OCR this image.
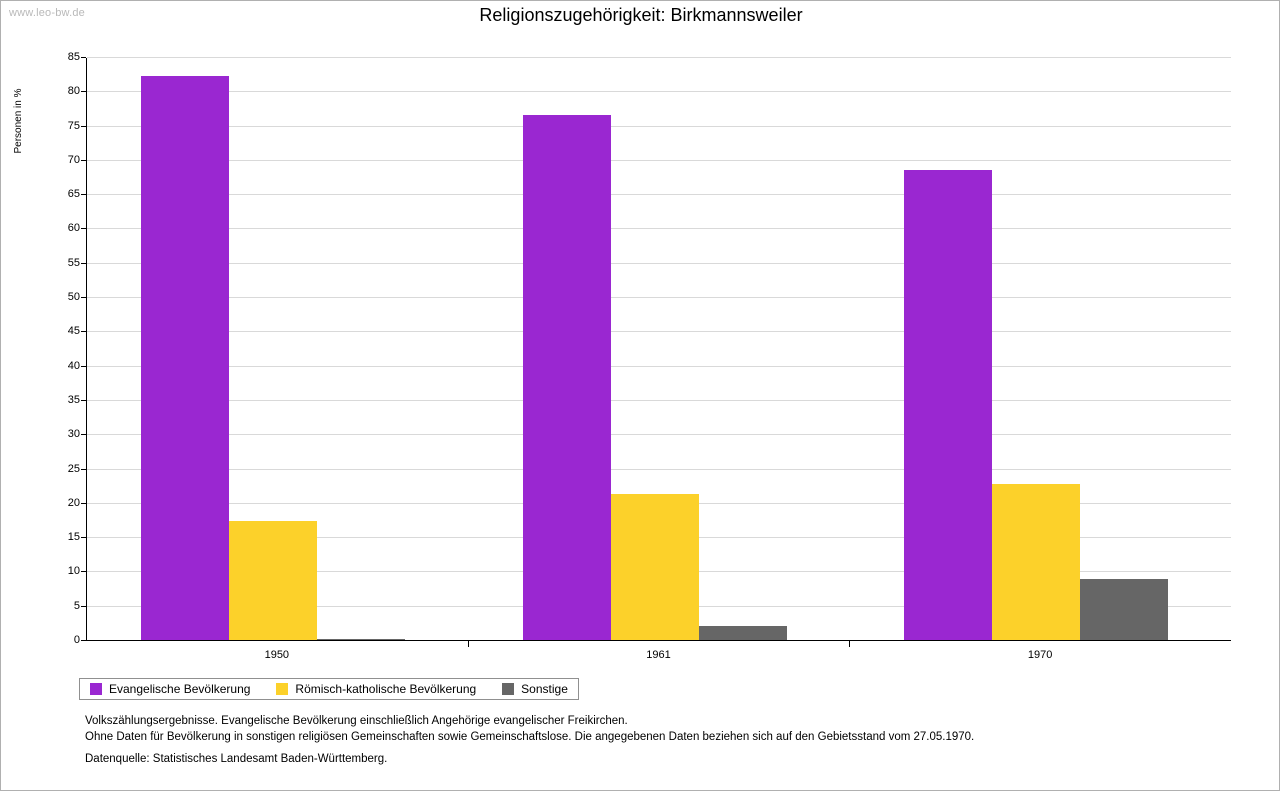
www.leo-bw.de	Religionszugehörigkeit: Birkmannsweiler
Personen in %
Evangelische Bevölkerung	Römisch-katholische Bevölkerung	Sonstige
Volkszählungsergebnisse. Evangelische Bevölkerung einschließlich Angehörige evangelischer Freikirchen.
Ohne Daten für Bevölkerung in sonstigen religiösen Gemeinschaften sowie Gemeinschaftslose. Die angegebenen Daten beziehen sich auf den Gebietsstand vom 27.05.1970.
Datenquelle: Statistisches Landesamt Baden-Württemberg.
0
5
10
15
20
25
30
35
40
45
50
55
60
65
70
75
80
85
1950	1961	1970
